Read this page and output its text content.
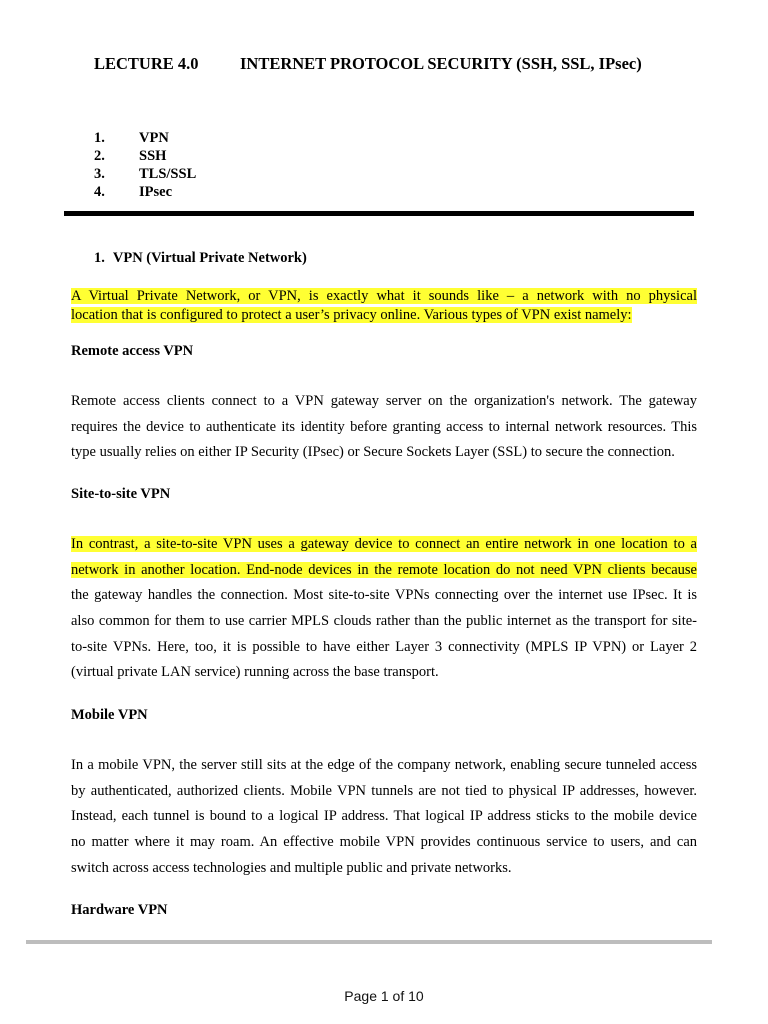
LECTURE 4.0	INTERNET PROTOCOL SECURITY (SSH, SSL, IPsec)
1. VPN
2. SSH
3. TLS/SSL
4. IPsec
1. VPN (Virtual Private Network)
A Virtual Private Network, or VPN, is exactly what it sounds like – a network with no physical
location that is configured to protect a user’s privacy online. Various types of VPN exist namely:
Remote access VPN
Remote access clients connect to a VPN gateway server on the organization's network. The gateway
requires the device to authenticate its identity before granting access to internal network resources. This
type usually relies on either IP Security (IPsec) or Secure Sockets Layer (SSL) to secure the connection.
Site-to-site VPN
In contrast, a site-to-site VPN uses a gateway device to connect an entire network in one location to a
network in another location. End-node devices in the remote location do not need VPN clients because
the gateway handles the connection. Most site-to-site VPNs connecting over the internet use IPsec. It is
also common for them to use carrier MPLS clouds rather than the public internet as the transport for site-
to-site VPNs. Here, too, it is possible to have either Layer 3 connectivity (MPLS IP VPN) or Layer 2
(virtual private LAN service) running across the base transport.
Mobile VPN
In a mobile VPN, the server still sits at the edge of the company network, enabling secure tunneled access
by authenticated, authorized clients. Mobile VPN tunnels are not tied to physical IP addresses, however.
Instead, each tunnel is bound to a logical IP address. That logical IP address sticks to the mobile device
no matter where it may roam. An effective mobile VPN provides continuous service to users, and can
switch across access technologies and multiple public and private networks.
Hardware VPN
Page 1 of 10
